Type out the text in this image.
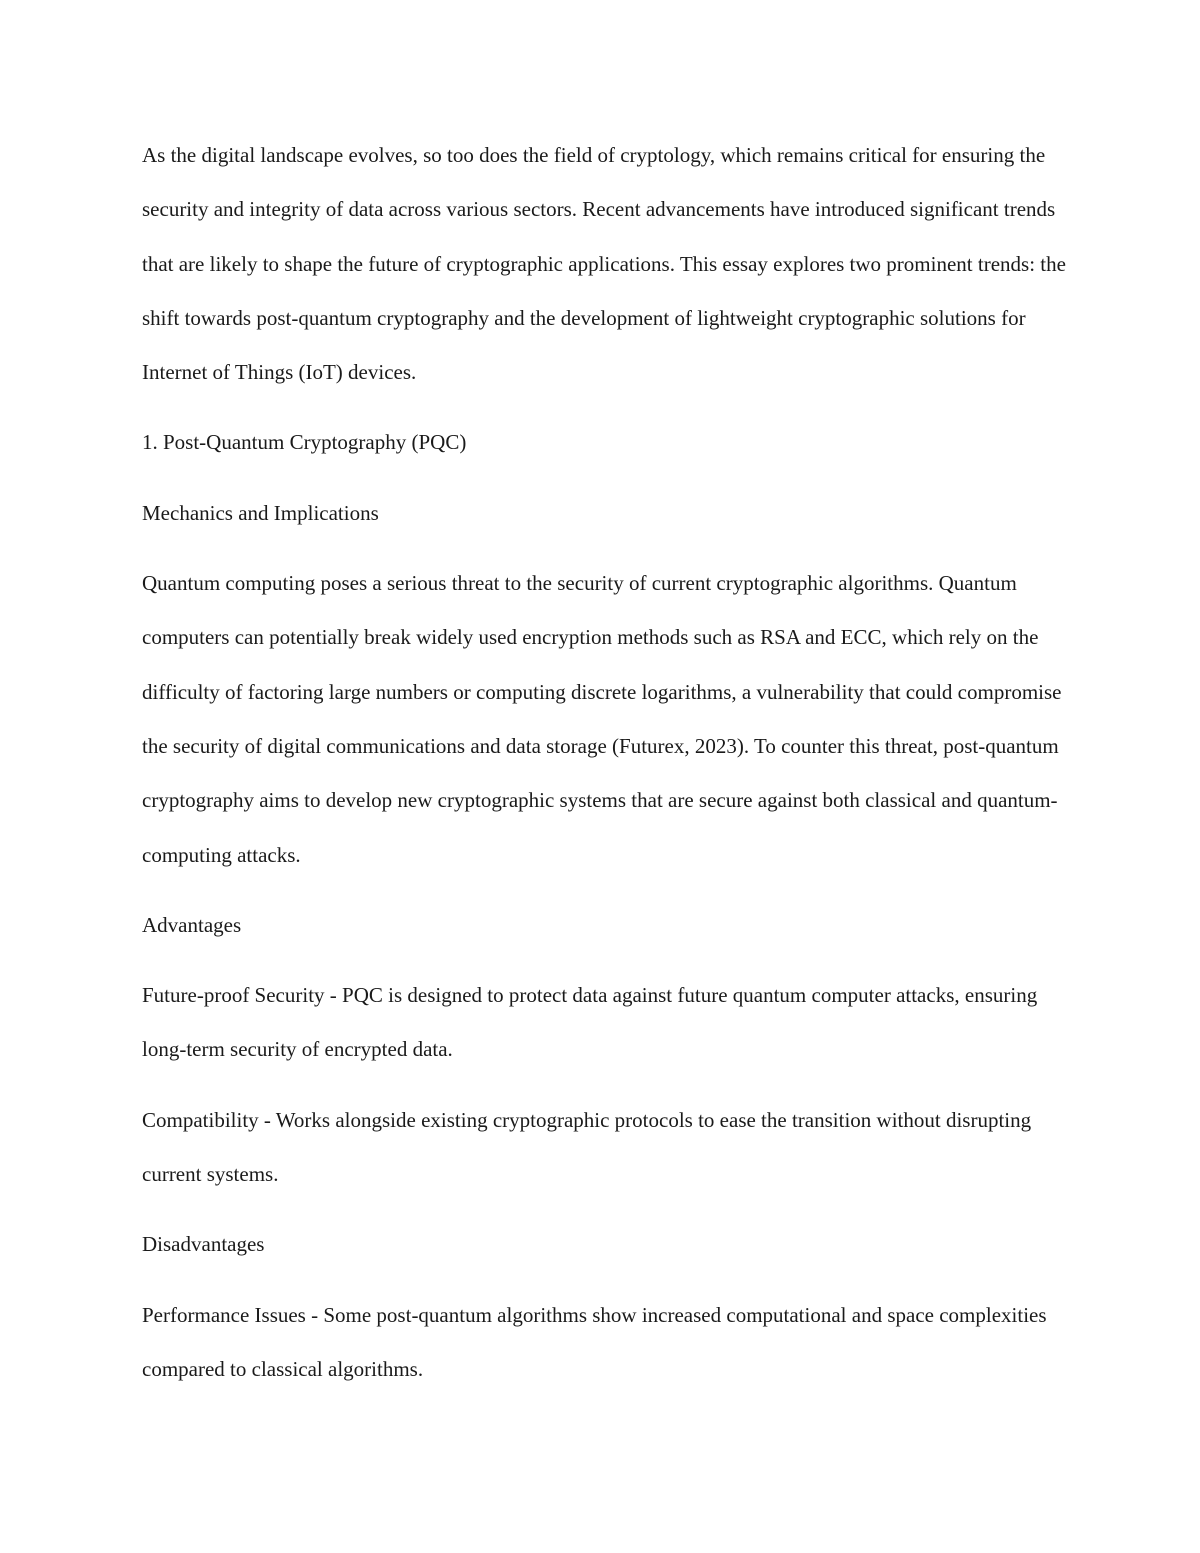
As the digital landscape evolves, so too does the field of cryptology, which remains critical for ensuring the security and integrity of data across various sectors. Recent advancements have introduced significant trends that are likely to shape the future of cryptographic applications. This essay explores two prominent trends: the shift towards post-quantum cryptography and the development of lightweight cryptographic solutions for Internet of Things (IoT) devices.

1. Post-Quantum Cryptography (PQC)

Mechanics and Implications

Quantum computing poses a serious threat to the security of current cryptographic algorithms. Quantum computers can potentially break widely used encryption methods such as RSA and ECC, which rely on the difficulty of factoring large numbers or computing discrete logarithms, a vulnerability that could compromise the security of digital communications and data storage (Futurex, 2023). To counter this threat, post-quantum cryptography aims to develop new cryptographic systems that are secure against both classical and quantum-computing attacks.

Advantages

Future-proof Security - PQC is designed to protect data against future quantum computer attacks, ensuring long-term security of encrypted data.

Compatibility - Works alongside existing cryptographic protocols to ease the transition without disrupting current systems.

Disadvantages

Performance Issues - Some post-quantum algorithms show increased computational and space complexities compared to classical algorithms.
